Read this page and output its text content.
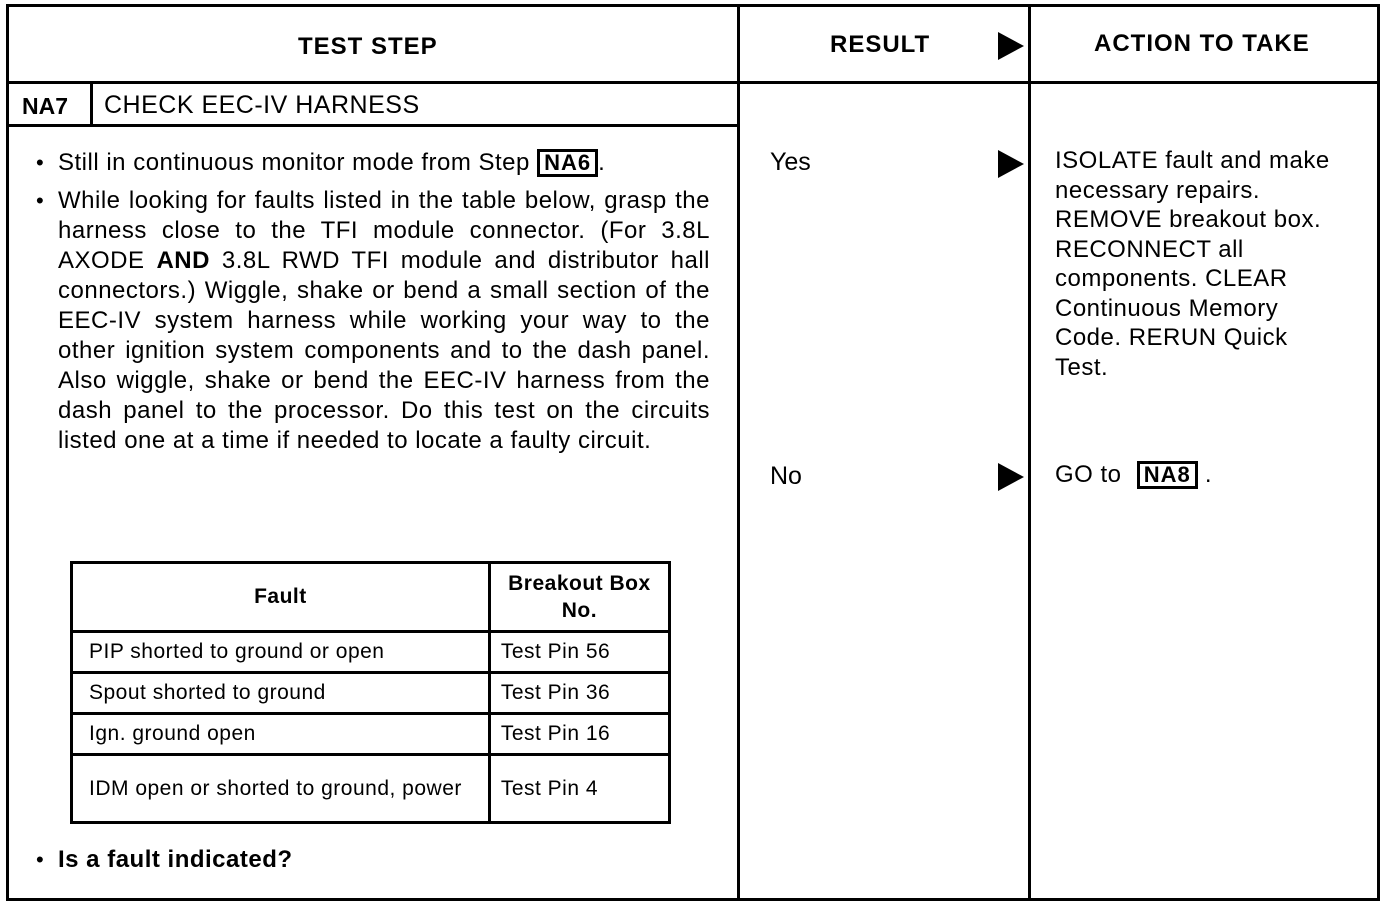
TEST STEP	RESULT	ACTION TO TAKE
NA7 CHECK EEC-IV HARNESS
• Still in continuous monitor mode from Step NA6 .
• While looking for faults listed in the table below, grasp the harness close to the TFI module connector. (For 3.8L AXODE AND 3.8L RWD TFI module and distributor hall connectors.) Wiggle, shake or bend a small section of the EEC-IV system harness while working your way to the other ignition system components and to the dash panel. Also wiggle, shake or bend the EEC-IV harness from the dash panel to the processor. Do this test on the circuits listed one at a time if needed to locate a faulty circuit.
Fault	Breakout Box No.
PIP shorted to ground or open	Test Pin 56
Spout shorted to ground	Test Pin 36
Ign. ground open	Test Pin 16
IDM open or shorted to ground, power	Test Pin 4
• Is a fault indicated?
Yes	ISOLATE fault and make necessary repairs. REMOVE breakout box. RECONNECT all components. CLEAR Continuous Memory Code. RERUN Quick Test.
No	GO to NA8 .
